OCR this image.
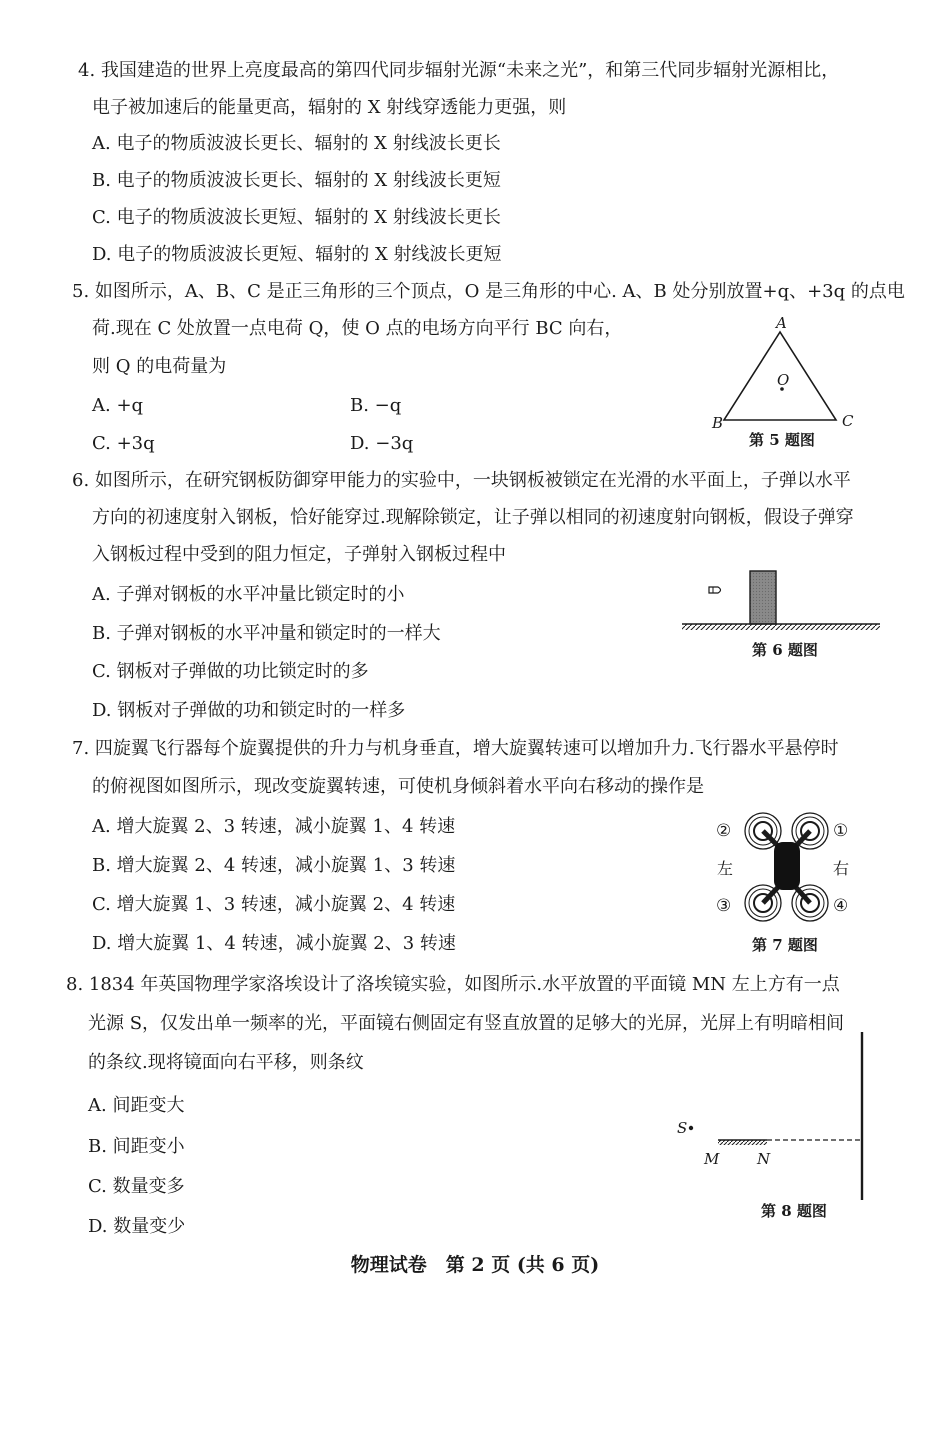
4. 我国建造的世界上亮度最高的第四代同步辐射光源“未来之光”，和第三代同步辐射光源相比，
电子被加速后的能量更高，辐射的 X 射线穿透能力更强，则
A. 电子的物质波波长更长、辐射的 X 射线波长更长
B. 电子的物质波波长更长、辐射的 X 射线波长更短
C. 电子的物质波波长更短、辐射的 X 射线波长更长
D. 电子的物质波波长更短、辐射的 X 射线波长更短
5. 如图所示，A、B、C 是正三角形的三个顶点，O 是三角形的中心. A、B 处分别放置+q、+3q 的点电
荷.现在 C 处放置一点电荷 Q，使 O 点的电场方向平行 BC 向右，
则 Q 的电荷量为
A. +q	B. −q
C. +3q	D. −3q
A
B	C
O
第 5 题图
6. 如图所示，在研究钢板防御穿甲能力的实验中，一块钢板被锁定在光滑的水平面上，子弹以水平
方向的初速度射入钢板，恰好能穿过.现解除锁定，让子弹以相同的初速度射向钢板，假设子弹穿
入钢板过程中受到的阻力恒定，子弹射入钢板过程中
A. 子弹对钢板的水平冲量比锁定时的小
B. 子弹对钢板的水平冲量和锁定时的一样大
C. 钢板对子弹做的功比锁定时的多
D. 钢板对子弹做的功和锁定时的一样多
第 6 题图
7. 四旋翼飞行器每个旋翼提供的升力与机身垂直，增大旋翼转速可以增加升力.飞行器水平悬停时
的俯视图如图所示，现改变旋翼转速，可使机身倾斜着水平向右移动的操作是
A. 增大旋翼 2、3 转速，减小旋翼 1、4 转速
B. 增大旋翼 2、4 转速，减小旋翼 1、3 转速
C. 增大旋翼 1、3 转速，减小旋翼 2、4 转速
D. 增大旋翼 1、4 转速，减小旋翼 2、3 转速
②	①
③	④
左	右
第 7 题图
8. 1834 年英国物理学家洛埃设计了洛埃镜实验，如图所示.水平放置的平面镜 MN 左上方有一点
光源 S，仅发出单一频率的光，平面镜右侧固定有竖直放置的足够大的光屏，光屏上有明暗相间
的条纹.现将镜面向右平移，则条纹
A. 间距变大
B. 间距变小
C. 数量变多
D. 数量变少
S
M	N
第 8 题图
物理试卷　第 2 页 (共 6 页)
